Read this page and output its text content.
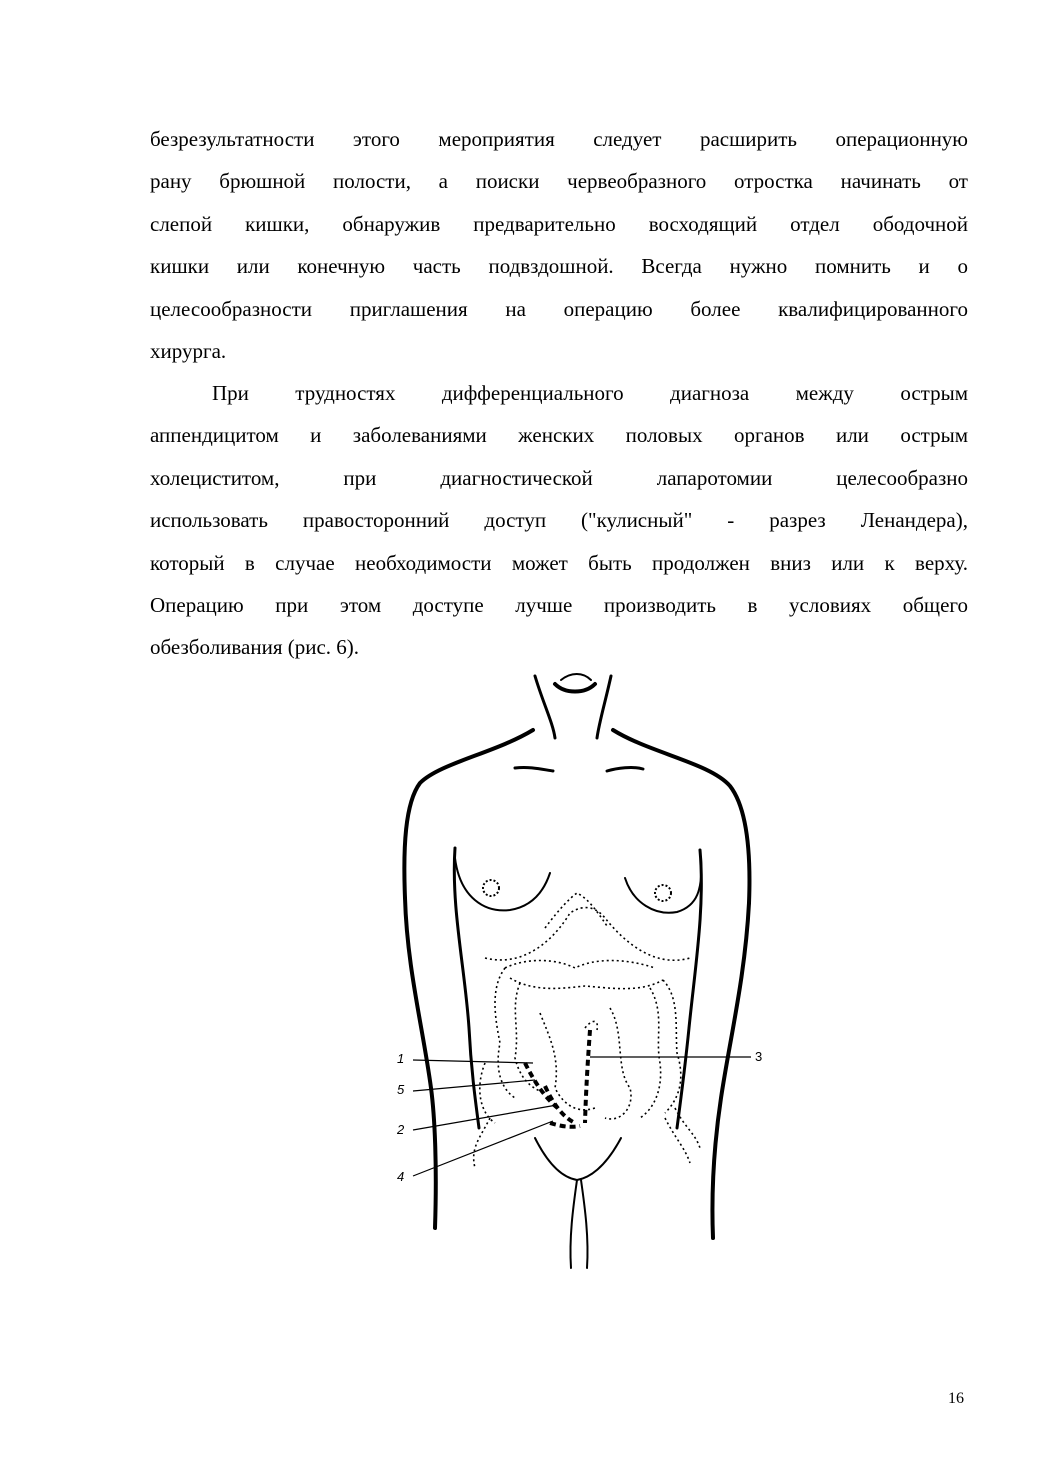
безрезультатности этого мероприятия следует расширить операционную
рану брюшной полости, а поиски червеобразного отростка начинать от
слепой кишки, обнаружив предварительно восходящий отдел ободочной
кишки или конечную часть подвздошной. Всегда нужно помнить и о
целесообразности приглашения на операцию более квалифицированного
хирурга.
При трудностях дифференциального диагноза между острым
аппендицитом и заболеваниями женских половых органов или острым
холециститом, при диагностической лапаротомии целесообразно
использовать правосторонний доступ ("кулисный" - разрез Ленандера),
который в случае необходимости может быть продолжен вниз или к верху.
Операцию при этом доступе лучше производить в условиях общего
обезболивания (рис. 6).
1
5
2
4
3
16
